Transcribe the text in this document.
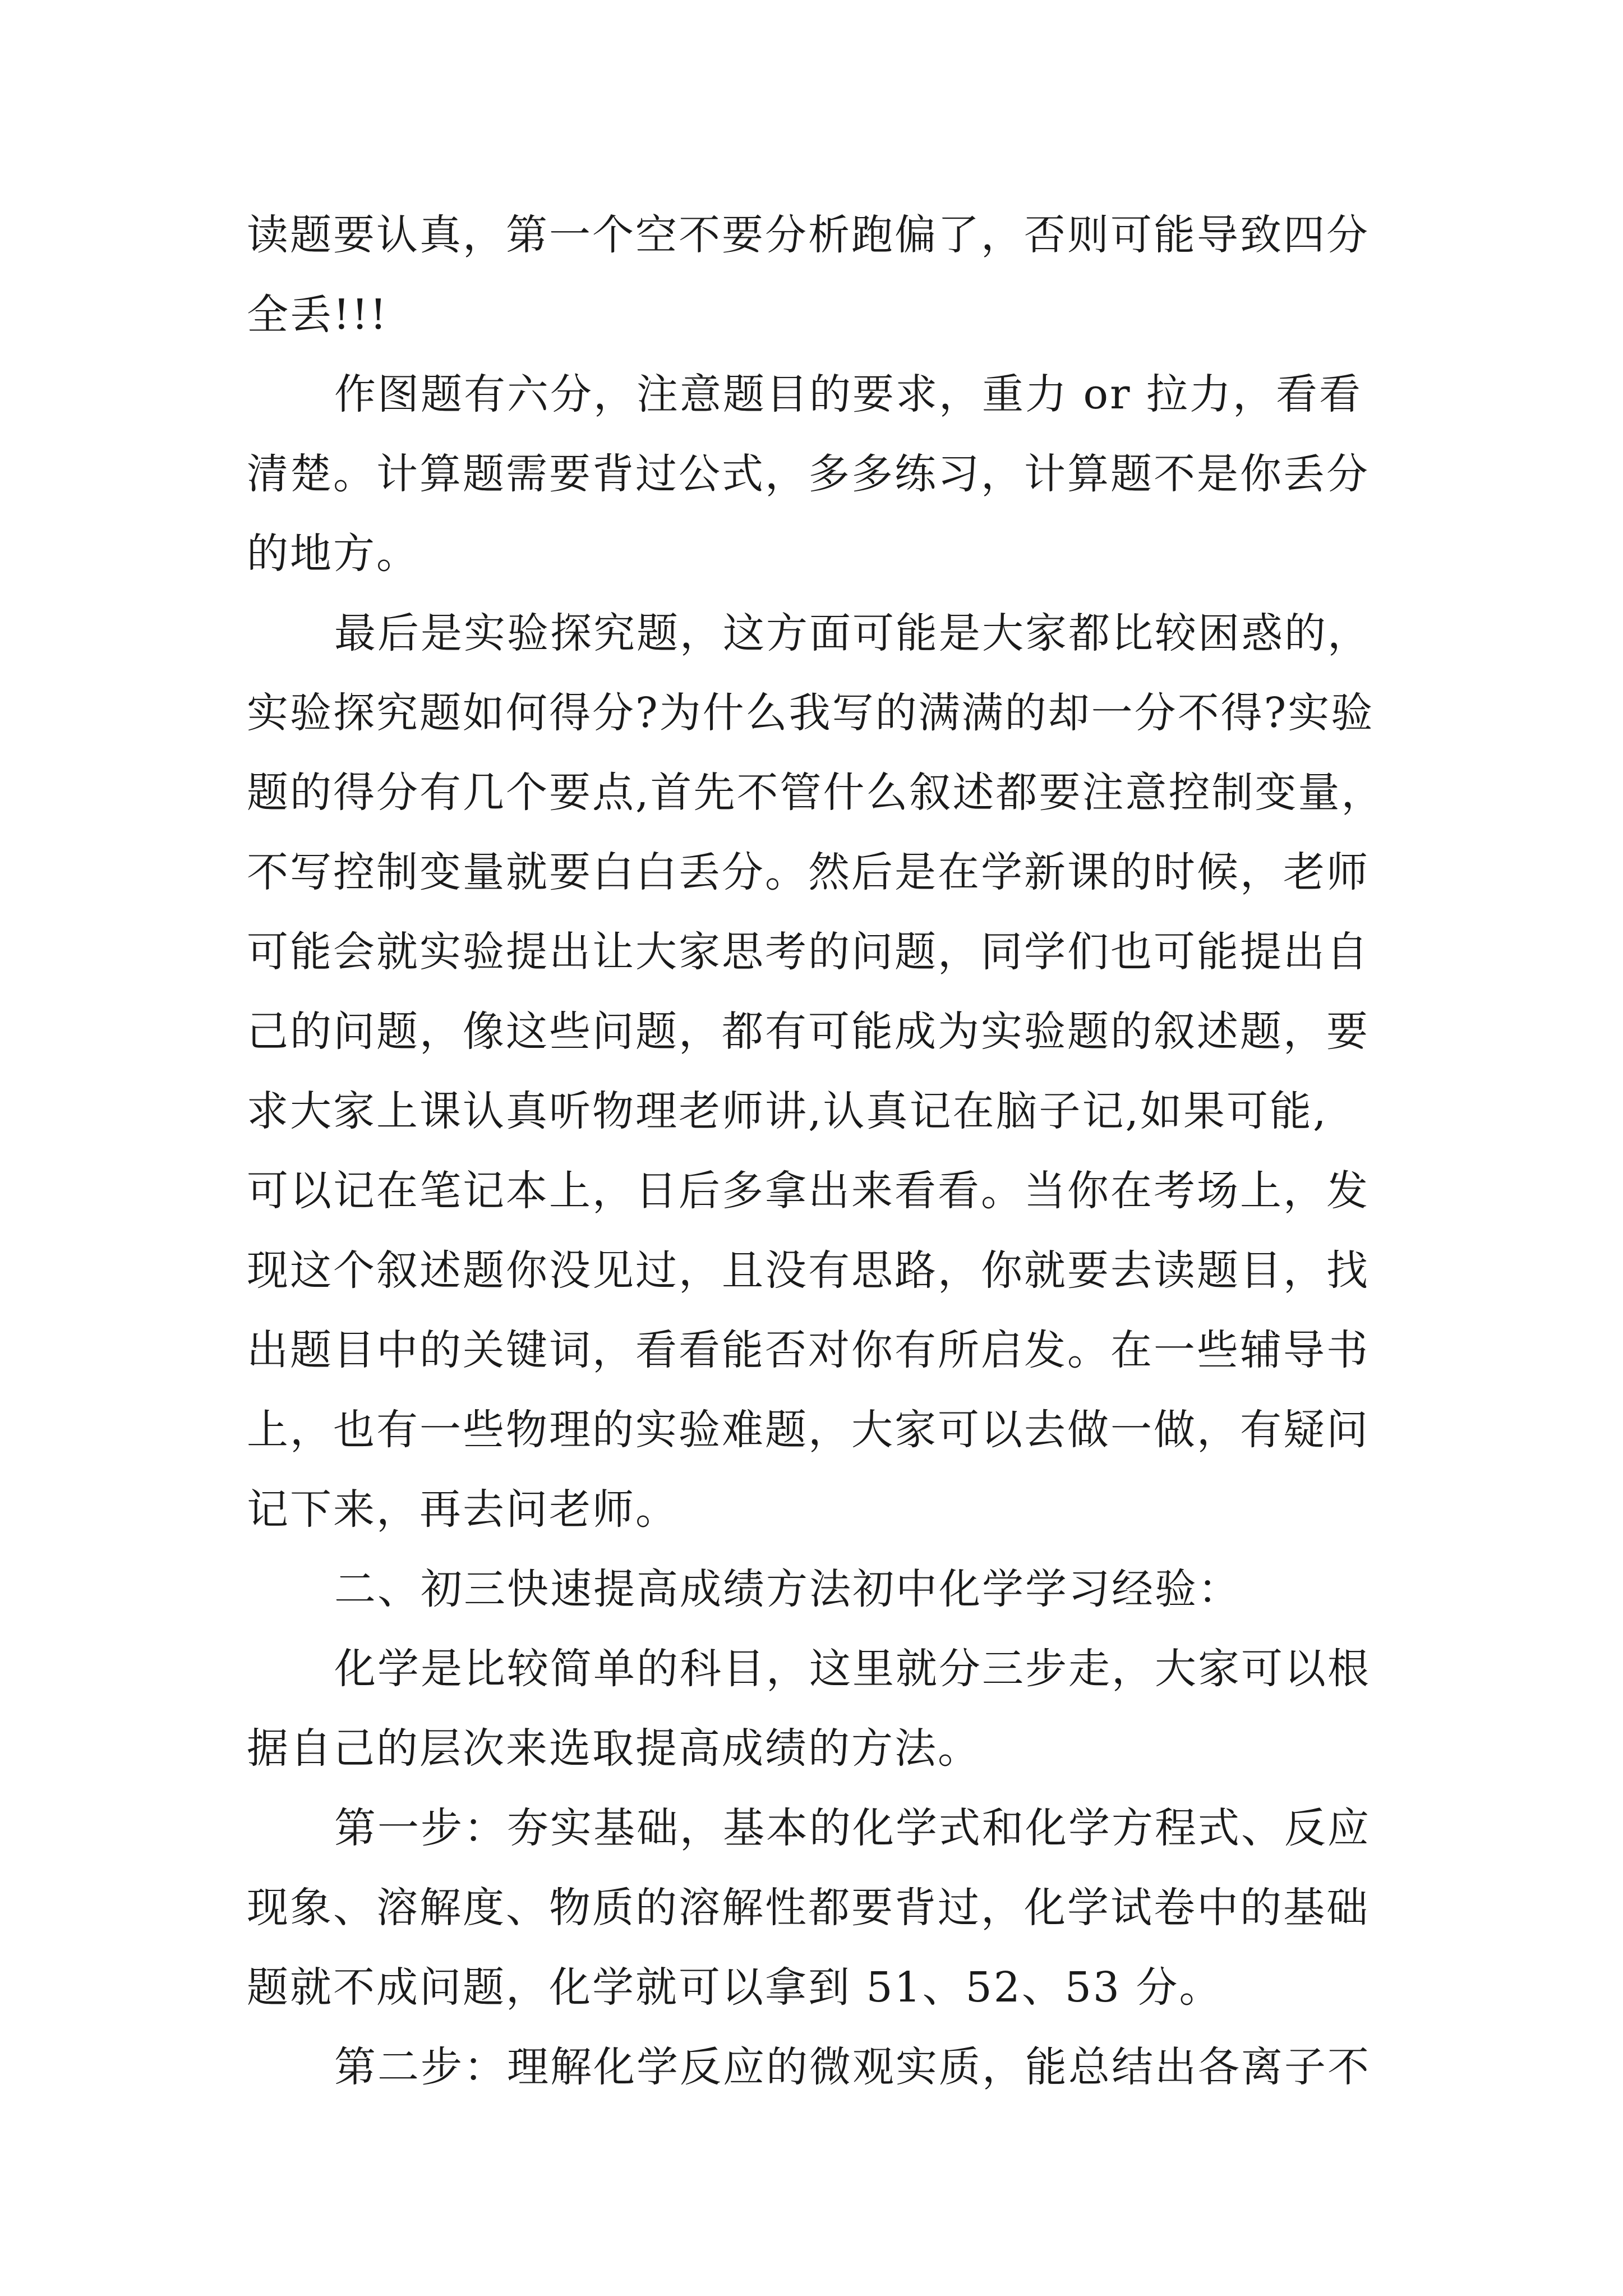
读题要认真，第一个空不要分析跑偏了，否则可能导致四分
全丢!!!

作图题有六分，注意题目的要求，重力 or 拉力，看看
清楚。计算题需要背过公式，多多练习，计算题不是你丢分
的地方。

最后是实验探究题，这方面可能是大家都比较困惑的，
实验探究题如何得分?为什么我写的满满的却一分不得?实验
题的得分有几个要点,首先不管什么叙述都要注意控制变量，
不写控制变量就要白白丢分。然后是在学新课的时候，老师
可能会就实验提出让大家思考的问题，同学们也可能提出自
己的问题，像这些问题，都有可能成为实验题的叙述题，要
求大家上课认真听物理老师讲,认真记在脑子记,如果可能,
可以记在笔记本上，日后多拿出来看看。当你在考场上，发
现这个叙述题你没见过，且没有思路，你就要去读题目，找
出题目中的关键词，看看能否对你有所启发。在一些辅导书
上，也有一些物理的实验难题，大家可以去做一做，有疑问
记下来，再去问老师。

二、初三快速提高成绩方法初中化学学习经验：

化学是比较简单的科目，这里就分三步走，大家可以根
据自己的层次来选取提高成绩的方法。

第一步：夯实基础，基本的化学式和化学方程式、反应
现象、溶解度、物质的溶解性都要背过，化学试卷中的基础
题就不成问题，化学就可以拿到 51、52、53 分。

第二步：理解化学反应的微观实质，能总结出各离子不
